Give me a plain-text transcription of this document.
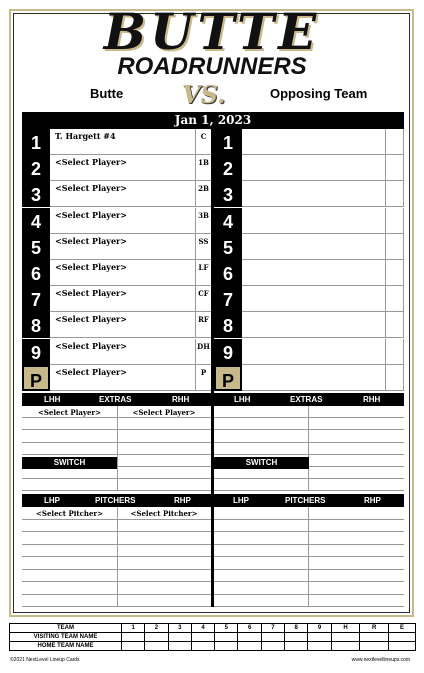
BUTTE
ROADRUNNERS
Butte VS.	Opposing Team
Jan 1, 2023
1	T. Hargett #4	C
2	<Select Player>	1B
3	<Select Player>	2B
4	<Select Player>	3B
5	<Select Player>	SS
6	<Select Player>	LF
7	<Select Player>	CF
8	<Select Player>	RF
9	<Select Player>	DH
P	<Select Player>	P
1
2
3
4
5
6
7
8
9
P
LHH	EXTRAS	RHH	LHH	EXTRAS	RHH
<Select Player>	<Select Player>
SWITCH	SWITCH
LHP	PITCHERS	RHP	LHP	PITCHERS	RHP
<Select Pitcher>	<Select Pitcher>
TEAM	1	2	3	4	5	6	7	8	9	H	R	E
VISITING TEAM NAME												
HOME TEAM NAME												
©2021 NextLevel Lineup Cards	www.nextlevellineups.com
